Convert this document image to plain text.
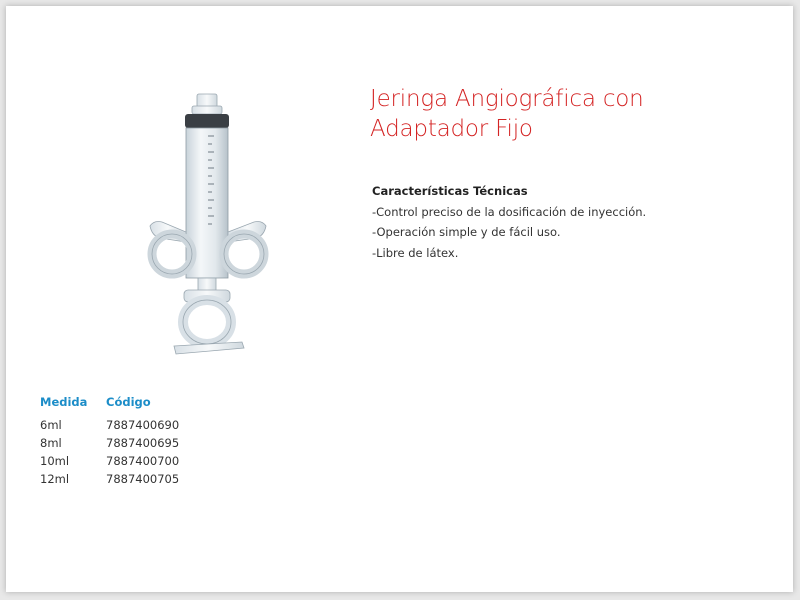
Jeringa Angiográfica con
Adaptador Fijo
Características Técnicas
-Control preciso de la dosificación de inyección.
-Operación simple y de fácil uso.
-Libre de látex.
Medida	Código
6ml	7887400690
8ml	7887400695
10ml	7887400700
12ml	7887400705
